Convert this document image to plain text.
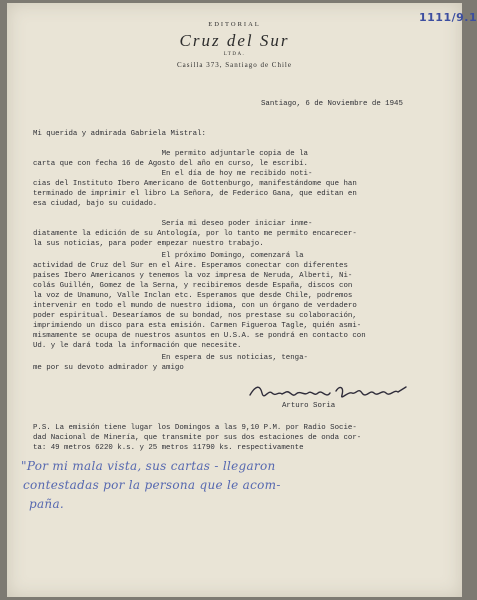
1111/9.1
EDITORIAL
Cruz del Sur
LTDA.
Casilla 373, Santiago de Chile
Santiago, 6 de Noviembre de 1945
Mi querida y admirada Gabriela Mistral:
Me permito adjuntarle copia de la
carta que con fecha 16 de Agosto del año en curso, le escribí.
En el día de hoy me recibido noti-
cias del Instituto Ibero Americano de Gottenburgo, manifestándome que han
terminado de imprimir el libro La Señora, de Federico Gana, que editan en
esa ciudad, bajo su cuidado.
Sería mi deseo poder iniciar inme-
diatamente la edición de su Antología, por lo tanto me permito encarecer-
la sus noticias, para poder empezar nuestro trabajo.
El próximo Domingo, comenzará la
actividad de Cruz del Sur en el Aire. Esperamos conectar con diferentes
países Ibero Americanos y tenemos la voz impresa de Neruda, Alberti, Ni-
colás Guillén, Gomez de la Serna, y recibiremos desde España, discos con
la voz de Unamuno, Valle Inclan etc. Esperamos que desde Chile, podremos
intervenir en todo el mundo de nuestro idioma, con un órgano de verdadero
poder espiritual. Desearíamos de su bondad, nos prestase su colaboración,
imprimiendo un disco para esta emisión. Carmen Figueroa Tagle, quién asmi-
mismamente se ocupa de nuestros asuntos en U.S.A. se pondrá en contacto con
Ud. y le dará toda la información que necesite.
En espera de sus noticias, tenga-
me por su devoto admirador y amigo
Arturo Soria
P.S. La emisión tiene lugar los Domingos a las 9,10 P.M. por Radio Socie-
dad Nacional de Minería, que transmite por sus dos estaciones de onda cor-
ta: 49 metros 6220 k.s. y 25 metros 11790 ks. respectivamente
"Por mi mala vista, sus cartas - llegaron
contestadas por la persona que le acom-
paña.
